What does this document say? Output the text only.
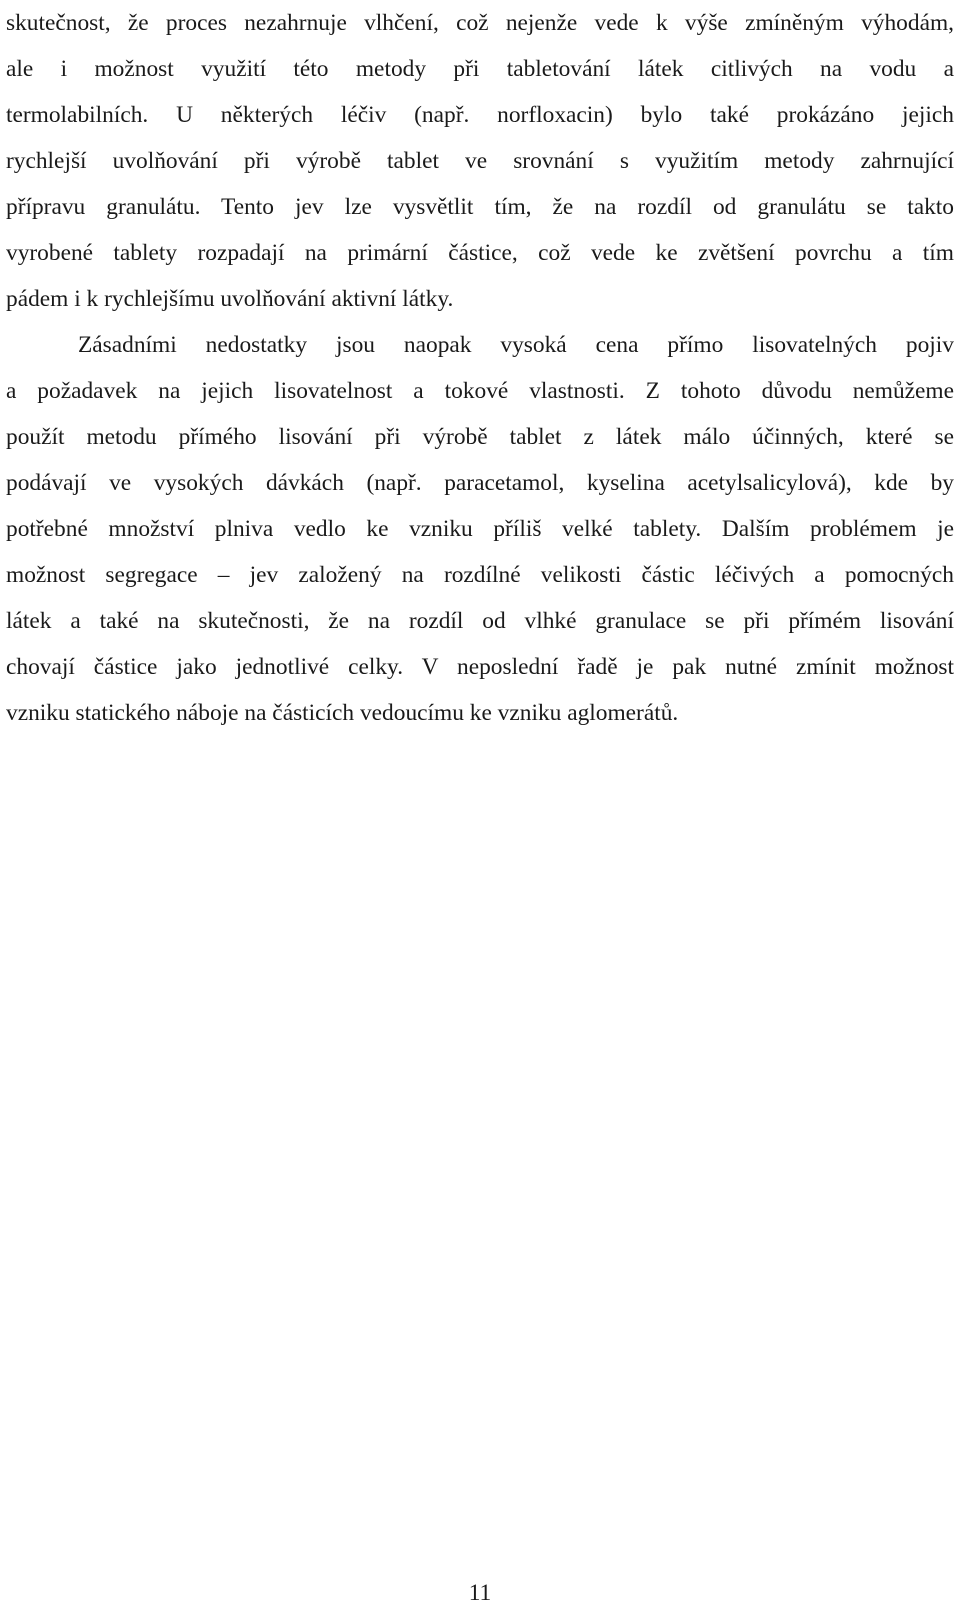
skutečnost, že proces nezahrnuje vlhčení, což nejenže vede k výše zmíněným výhodám,
ale i možnost využití této metody při tabletování látek citlivých na vodu a
termolabilních. U některých léčiv (např. norfloxacin) bylo také prokázáno jejich
rychlejší uvolňování při výrobě tablet ve srovnání s využitím metody zahrnující
přípravu granulátu. Tento jev lze vysvětlit tím, že na rozdíl od granulátu se takto
vyrobené tablety rozpadají na primární částice, což vede ke zvětšení povrchu a tím
pádem i k rychlejšímu uvolňování aktivní látky.
Zásadními nedostatky jsou naopak vysoká cena přímo lisovatelných pojiv
a požadavek na jejich lisovatelnost a tokové vlastnosti. Z tohoto důvodu nemůžeme
použít metodu přímého lisování při výrobě tablet z látek málo účinných, které se
podávají ve vysokých dávkách (např. paracetamol, kyselina acetylsalicylová), kde by
potřebné množství plniva vedlo ke vzniku příliš velké tablety. Dalším problémem je
možnost segregace – jev založený na rozdílné velikosti částic léčivých a pomocných
látek a také na skutečnosti, že na rozdíl od vlhké granulace se při přímém lisování
chovají částice jako jednotlivé celky. V neposlední řadě je pak nutné zmínit možnost
vzniku statického náboje na částicích vedoucímu ke vzniku aglomerátů.
11
